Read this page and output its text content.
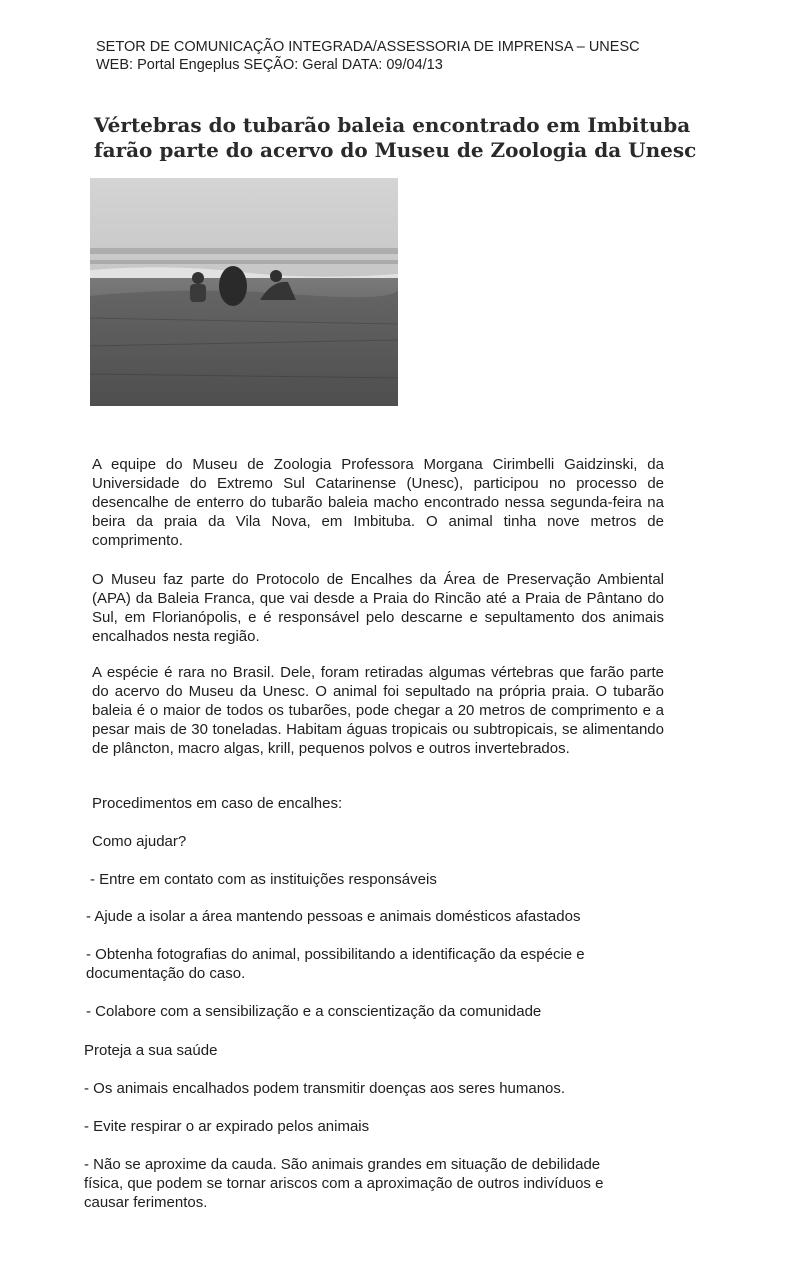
SETOR DE COMUNICAÇÃO INTEGRADA/ASSESSORIA DE IMPRENSA – UNESC
WEB: Portal Engeplus SEÇÃO: Geral DATA: 09/04/13
Vértebras do tubarão baleia encontrado em Imbituba farão parte do acervo do Museu de Zoologia da Unesc

A equipe do Museu de Zoologia Professora Morgana Cirimbelli Gaidzinski, da Universidade do Extremo Sul Catarinense (Unesc), participou no processo de desencalhe de enterro do tubarão baleia macho encontrado nessa segunda-feira na beira da praia da Vila Nova, em Imbituba. O animal tinha nove metros de comprimento.

O Museu faz parte do Protocolo de Encalhes da Área de Preservação Ambiental (APA) da Baleia Franca, que vai desde a Praia do Rincão até a Praia de Pântano do Sul, em Florianópolis, e é responsável pelo descarne e sepultamento dos animais encalhados nesta região.

A espécie é rara no Brasil. Dele, foram retiradas algumas vértebras que farão parte do acervo do Museu da Unesc. O animal foi sepultado na própria praia. O tubarão baleia é o maior de todos os tubarões, pode chegar a 20 metros de comprimento e a pesar mais de 30 toneladas. Habitam águas tropicais ou subtropicais, se alimentando de plâncton, macro algas, krill, pequenos polvos e outros invertebrados.

Procedimentos em caso de encalhes:
Como ajudar?
- Entre em contato com as instituições responsáveis
- Ajude a isolar a área mantendo pessoas e animais domésticos afastados
- Obtenha fotografias do animal, possibilitando a identificação da espécie e
documentação do caso.
- Colabore com a sensibilização e a conscientização da comunidade
Proteja a sua saúde
- Os animais encalhados podem transmitir doenças aos seres humanos.
- Evite respirar o ar expirado pelos animais
- Não se aproxime da cauda. São animais grandes em situação de debilidade
física, que podem se tornar ariscos com a aproximação de outros indivíduos e
causar ferimentos.
